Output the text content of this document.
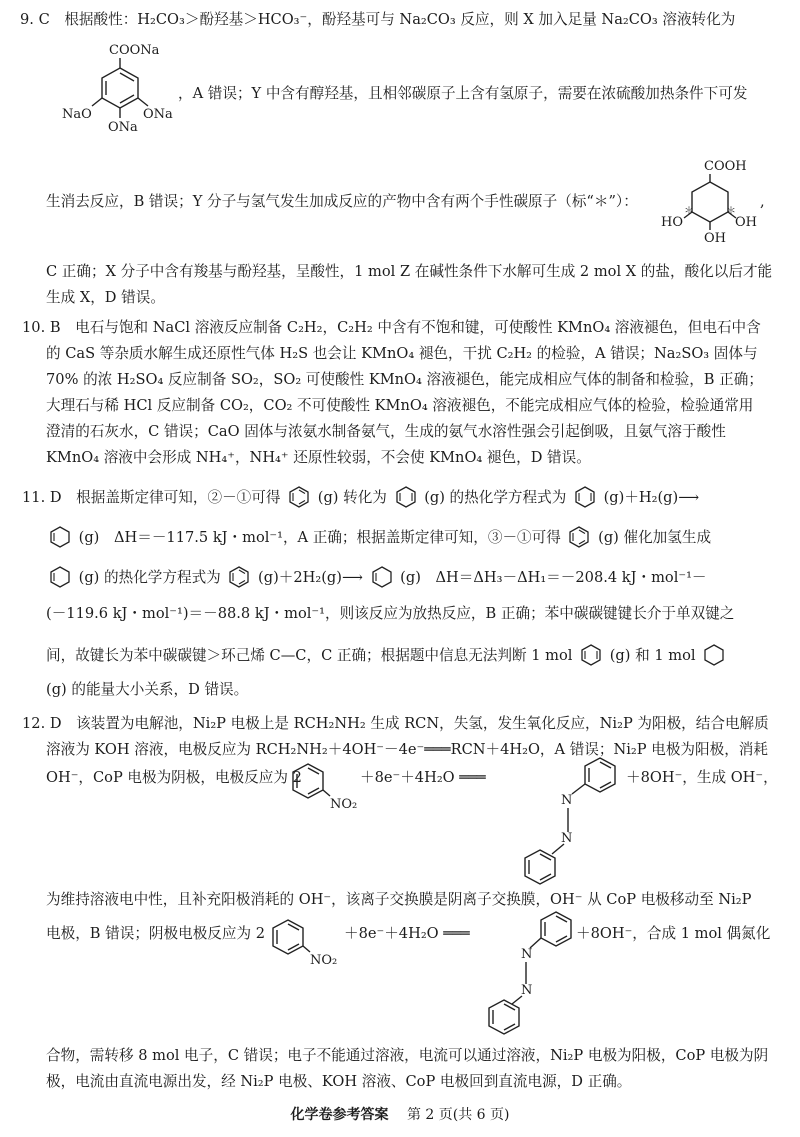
9. C　根据酸性：H₂CO₃＞酚羟基＞HCO₃⁻，酚羟基可与 Na₂CO₃ 反应，则 X 加入足量 Na₂CO₃ 溶液转化为
COONa
NaO	ONa
ONa
，A 错误；Y 中含有醇羟基，且相邻碳原子上含有氢原子，需要在浓硫酸加热条件下可发
生消去反应，B 错误；Y 分子与氢气发生加成反应的产物中含有两个手性碳原子（标“＊”）：
COOH
HO	OH
OH
＊	＊
,
C 正确；X 分子中含有羧基与酚羟基，呈酸性，1 mol Z 在碱性条件下水解可生成 2 mol X 的盐，酸化以后才能
生成 X，D 错误。
10. B　电石与饱和 NaCl 溶液反应制备 C₂H₂，C₂H₂ 中含有不饱和键，可使酸性 KMnO₄ 溶液褪色，但电石中含
的 CaS 等杂质水解生成还原性气体 H₂S 也会让 KMnO₄ 褪色，干扰 C₂H₂ 的检验，A 错误；Na₂SO₃ 固体与
70% 的浓 H₂SO₄ 反应制备 SO₂，SO₂ 可使酸性 KMnO₄ 溶液褪色，能完成相应气体的制备和检验，B 正确；
大理石与稀 HCl 反应制备 CO₂，CO₂ 不可使酸性 KMnO₄ 溶液褪色，不能完成相应气体的检验，检验通常用
澄清的石灰水，C 错误；CaO 固体与浓氨水制备氨气，生成的氨气水溶性强会引起倒吸，且氨气溶于酸性
KMnO₄ 溶液中会形成 NH₄⁺，NH₄⁺ 还原性较弱，不会使 KMnO₄ 褪色，D 错误。
11. D　根据盖斯定律可知，②－①可得	(g) 转化为	(g) 的热化学方程式为	(g)＋H₂(g)⟶
(g)　ΔH＝－117.5 kJ・mol⁻¹，A 正确；根据盖斯定律可知，③－①可得	(g) 催化加氢生成
(g) 的热化学方程式为	(g)＋2H₂(g)⟶	(g)　ΔH＝ΔH₃－ΔH₁＝－208.4 kJ・mol⁻¹－
(－119.6 kJ・mol⁻¹)＝－88.8 kJ・mol⁻¹，则该反应为放热反应，B 正确；苯中碳碳键键长介于单双键之
间，故键长为苯中碳碳键＞环己烯 C—C，C 正确；根据题中信息无法判断 1 mol	(g) 和 1 mol
(g) 的能量大小关系，D 错误。
12. D　该装置为电解池，Ni₂P 电极上是 RCH₂NH₂ 生成 RCN，失氢，发生氧化反应，Ni₂P 为阳极，结合电解质
溶液为 KOH 溶液，电极反应为 RCH₂NH₂＋4OH⁻－4e⁻═══RCN＋4H₂O，A 错误；Ni₂P 电极为阳极，消耗
OH⁻，CoP 电极为阴极，电极反应为 2
NO₂
＋8e⁻＋4H₂O ═══
N
N
＋8OH⁻，生成 OH⁻，
为维持溶液电中性，且补充阳极消耗的 OH⁻，该离子交换膜是阴离子交换膜，OH⁻ 从 CoP 电极移动至 Ni₂P
电极，B 错误；阴极电极反应为 2
NO₂
＋8e⁻＋4H₂O ═══
N
N
＋8OH⁻，合成 1 mol 偶氮化
合物，需转移 8 mol 电子，C 错误；电子不能通过溶液，电流可以通过溶液，Ni₂P 电极为阳极，CoP 电极为阴
极，电流由直流电源出发，经 Ni₂P 电极、KOH 溶液、CoP 电极回到直流电源，D 正确。
化学卷参考答案 第 2 页(共 6 页)
